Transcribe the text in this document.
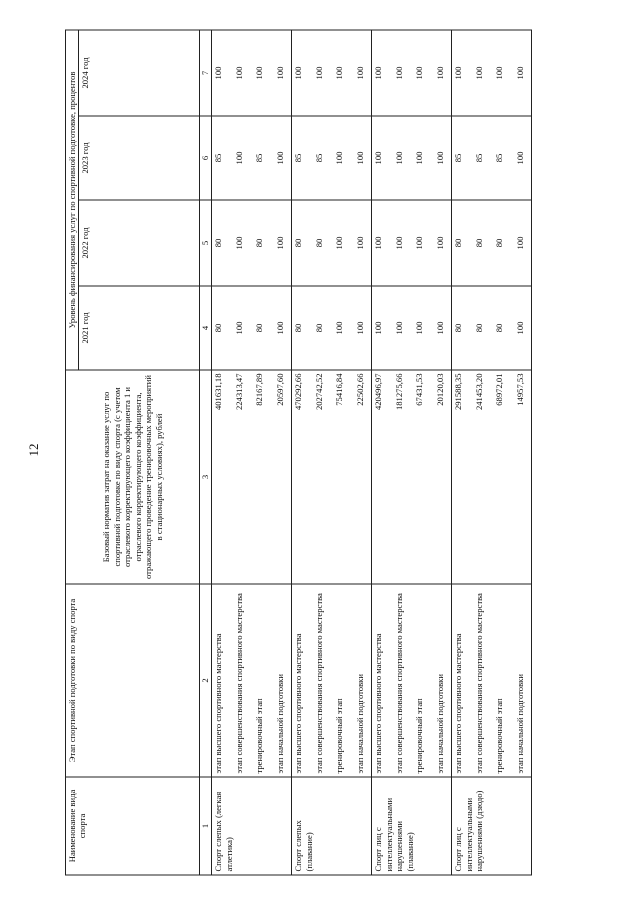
12
Наименование вида спорта	Этап спортивной подготовки по виду спорта	Базовый норматив затрат на оказание услуг по спортивной подготовке по виду спорта (с учетом отраслевого корректирующего коэффициента 1 и отраслевого корректирующего коэффициента, отражающего проведение тренировочных мероприятий в стационарных условиях), рублей	Уровень финансирования услуг по спортивной подготовке, процентов			
			2021 год	2022 год	2023 год	2024 год
1	2	3	4	5	6	7
Спорт слепых (легкая атлетика)	этап высшего спортивного мастерства	401631,18	80	80	85	100
	этап совершенствования спортивного мастерства	224313,47	100	100	100	100
	тренировочный этап	82167,89	80	80	85	100
	этап начальной подготовки	20597,60	100	100	100	100
Спорт слепых (плавание)	этап высшего спортивного мастерства	470292,66	80	80	85	100
	этап совершенствования спортивного мастерства	202742,52	80	80	85	100
	тренировочный этап	75416,84	100	100	100	100
	этап начальной подготовки	22502,66	100	100	100	100
Спорт лиц с интеллектуальными нарушениями (плавание)	этап высшего спортивного мастерства	420496,97	100	100	100	100
	этап совершенствования спортивного мастерства	181275,66	100	100	100	100
	тренировочный этап	67431,53	100	100	100	100
	этап начальной подготовки	20120,03	100	100	100	100
Спорт лиц с интеллектуальными нарушениями (дзюдо)	этап высшего спортивного мастерства	291588,35	80	80	85	100
	этап совершенствования спортивного мастерства	241453,20	80	80	85	100
	тренировочный этап	68972,01	80	80	85	100
	этап начальной подготовки	14957,53	100	100	100	100
